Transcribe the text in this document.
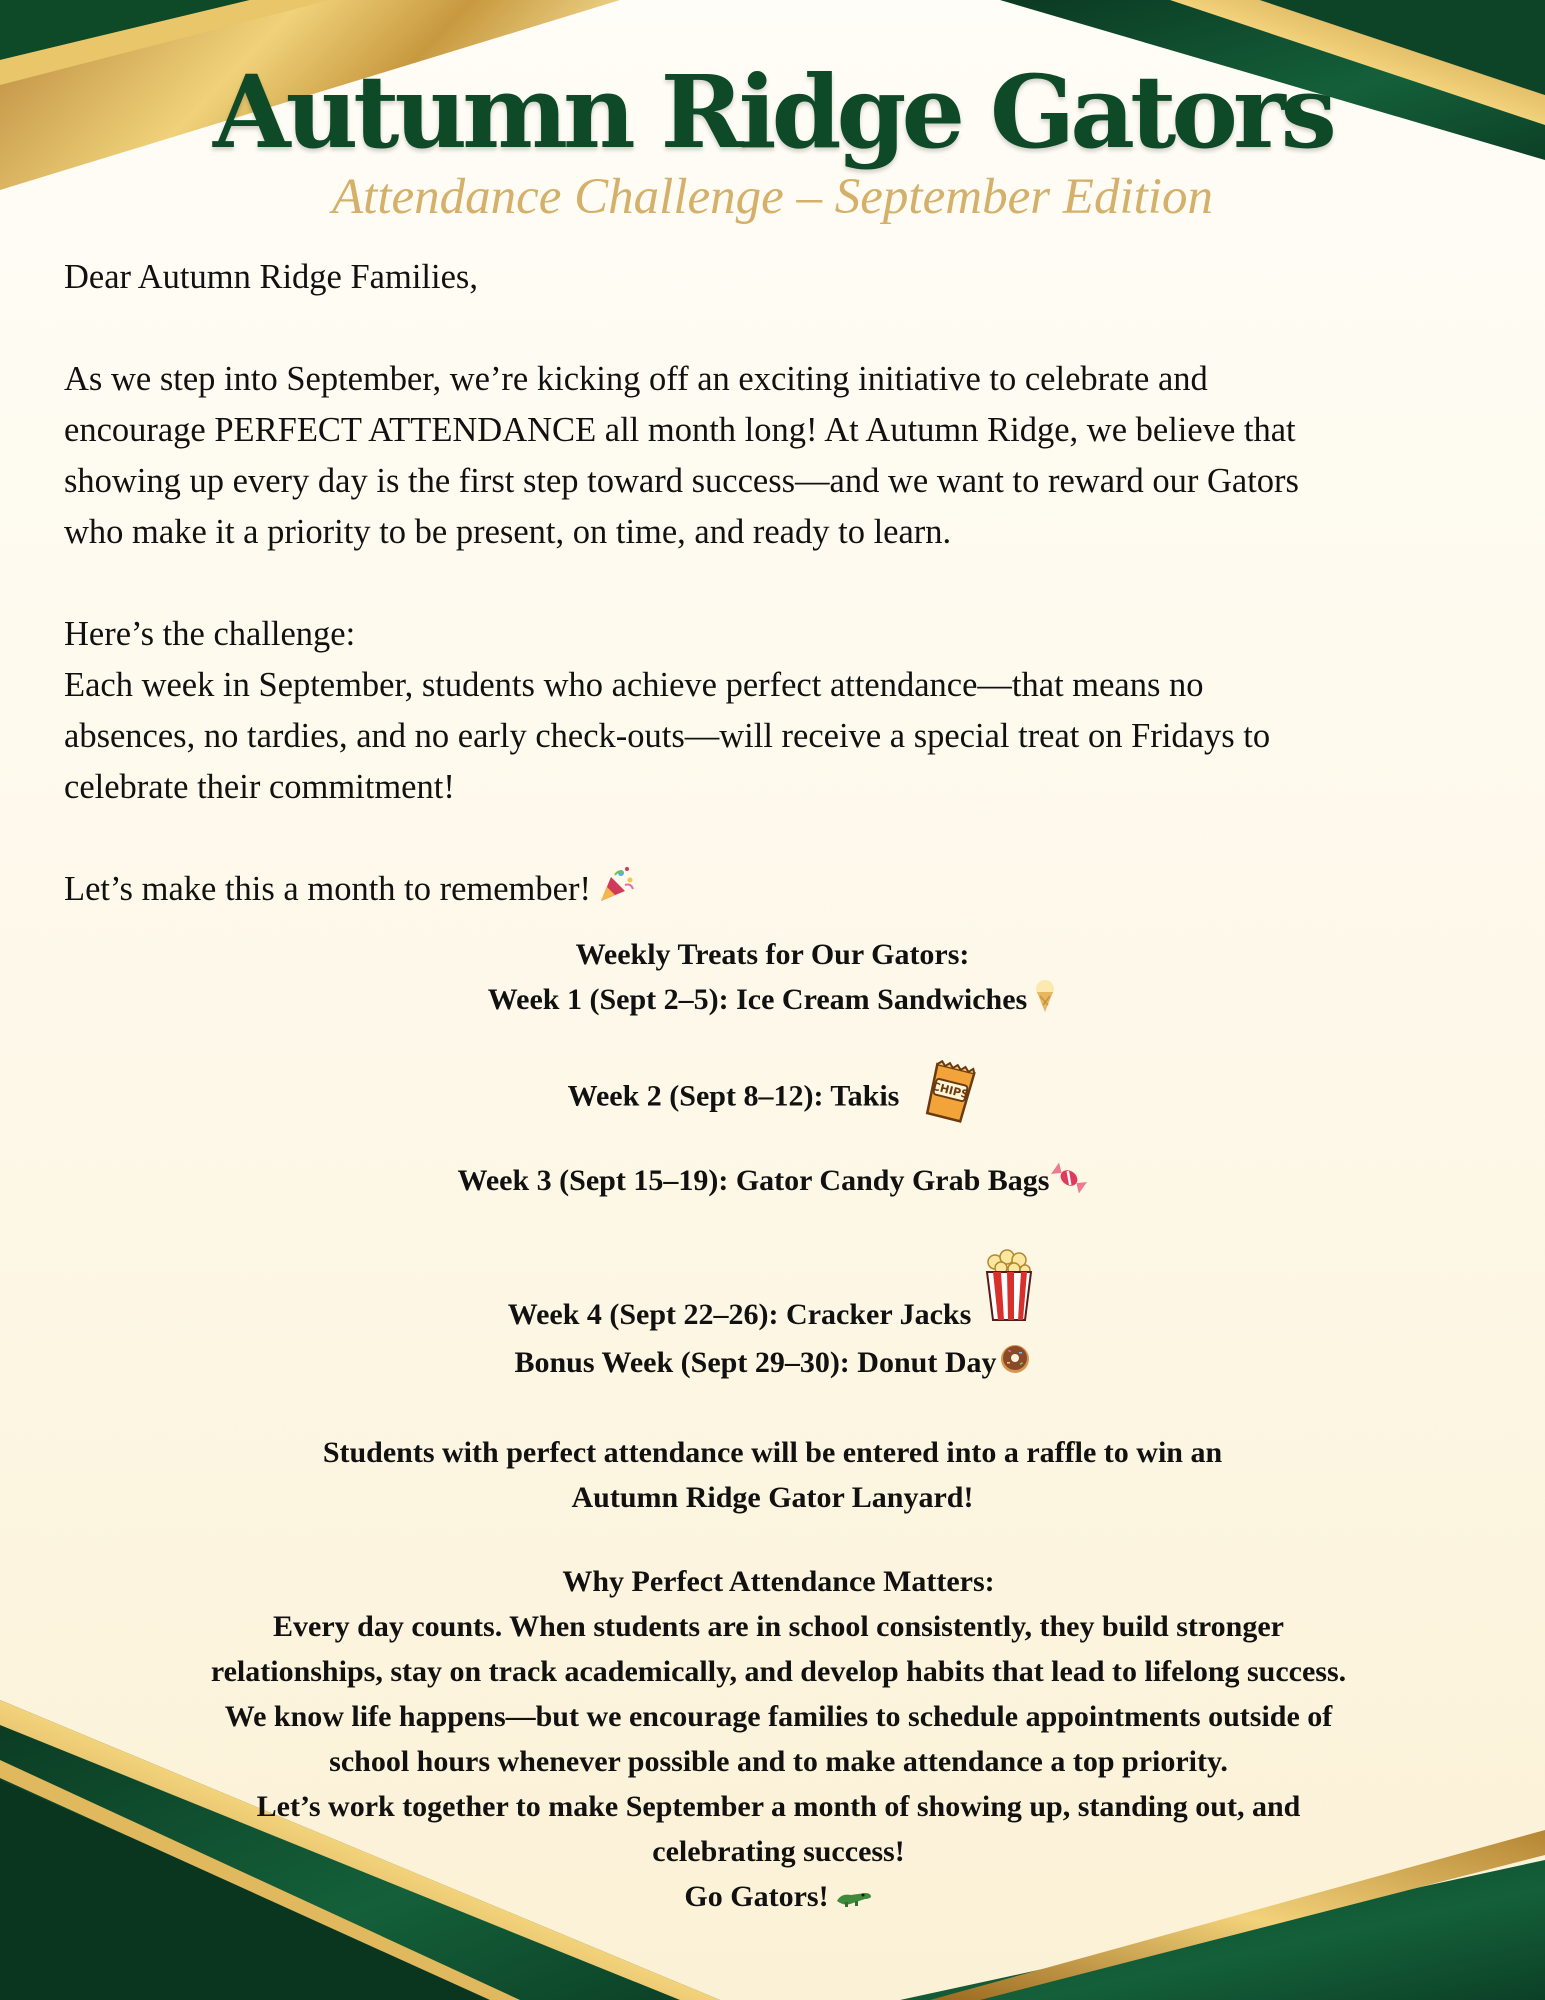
Autumn Ridge Gators
Attendance Challenge – September Edition

Dear Autumn Ridge Families,

As we step into September, we’re kicking off an exciting initiative to celebrate and

encourage PERFECT ATTENDANCE all month long! At Autumn Ridge, we believe that

showing up every day is the first step toward success—and we want to reward our Gators

who make it a priority to be present, on time, and ready to learn.

Here’s the challenge:

Each week in September, students who achieve perfect attendance—that means no

absences, no tardies, and no early check-outs—will receive a special treat on Fridays to

celebrate their commitment!

Let’s make this a month to remember!

Weekly Treats for Our Gators:

Week 1 (Sept 2–5): Ice Cream Sandwiches

Week 2 (Sept 8–12): Takis	CHIPS

Week 3 (Sept 15–19): Gator Candy Grab Bags

Week 4 (Sept 22–26): Cracker Jacks

Bonus Week (Sept 29–30): Donut Day

Students with perfect attendance will be entered into a raffle to win an

Autumn Ridge Gator Lanyard!

Why Perfect Attendance Matters:

Every day counts. When students are in school consistently, they build stronger

relationships, stay on track academically, and develop habits that lead to lifelong success.

We know life happens—but we encourage families to schedule appointments outside of

school hours whenever possible and to make attendance a top priority.

Let’s work together to make September a month of showing up, standing out, and

celebrating success!

Go Gators!
